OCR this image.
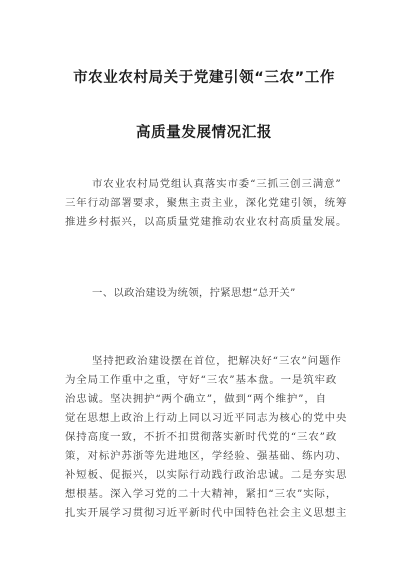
市农业农村局关于党建引领“三农”工作
高质量发展情况汇报
市农业农村局党组认真落实市委“三抓三创三满意”
三年行动部署要求，聚焦主责主业，深化党建引领，统筹
推进乡村振兴，以高质量党建推动农业农村高质量发展。
一、以政治建设为统领，拧紧思想“总开关”
坚持把政治建设摆在首位，把解决好“三农”问题作
为全局工作重中之重，守好“三农”基本盘。一是筑牢政
治忠诚。坚决拥护“两个确立”，做到“两个维护”，自
觉在思想上政治上行动上同以习近平同志为核心的党中央
保持高度一致，不折不扣贯彻落实新时代党的“三农”政
策，对标沪苏浙等先进地区，学经验、强基础、练内功、
补短板、促振兴，以实际行动践行政治忠诚。二是夯实思
想根基。深入学习党的二十大精神，紧扣“三农”实际，
扎实开展学习贯彻习近平新时代中国特色社会主义思想主
